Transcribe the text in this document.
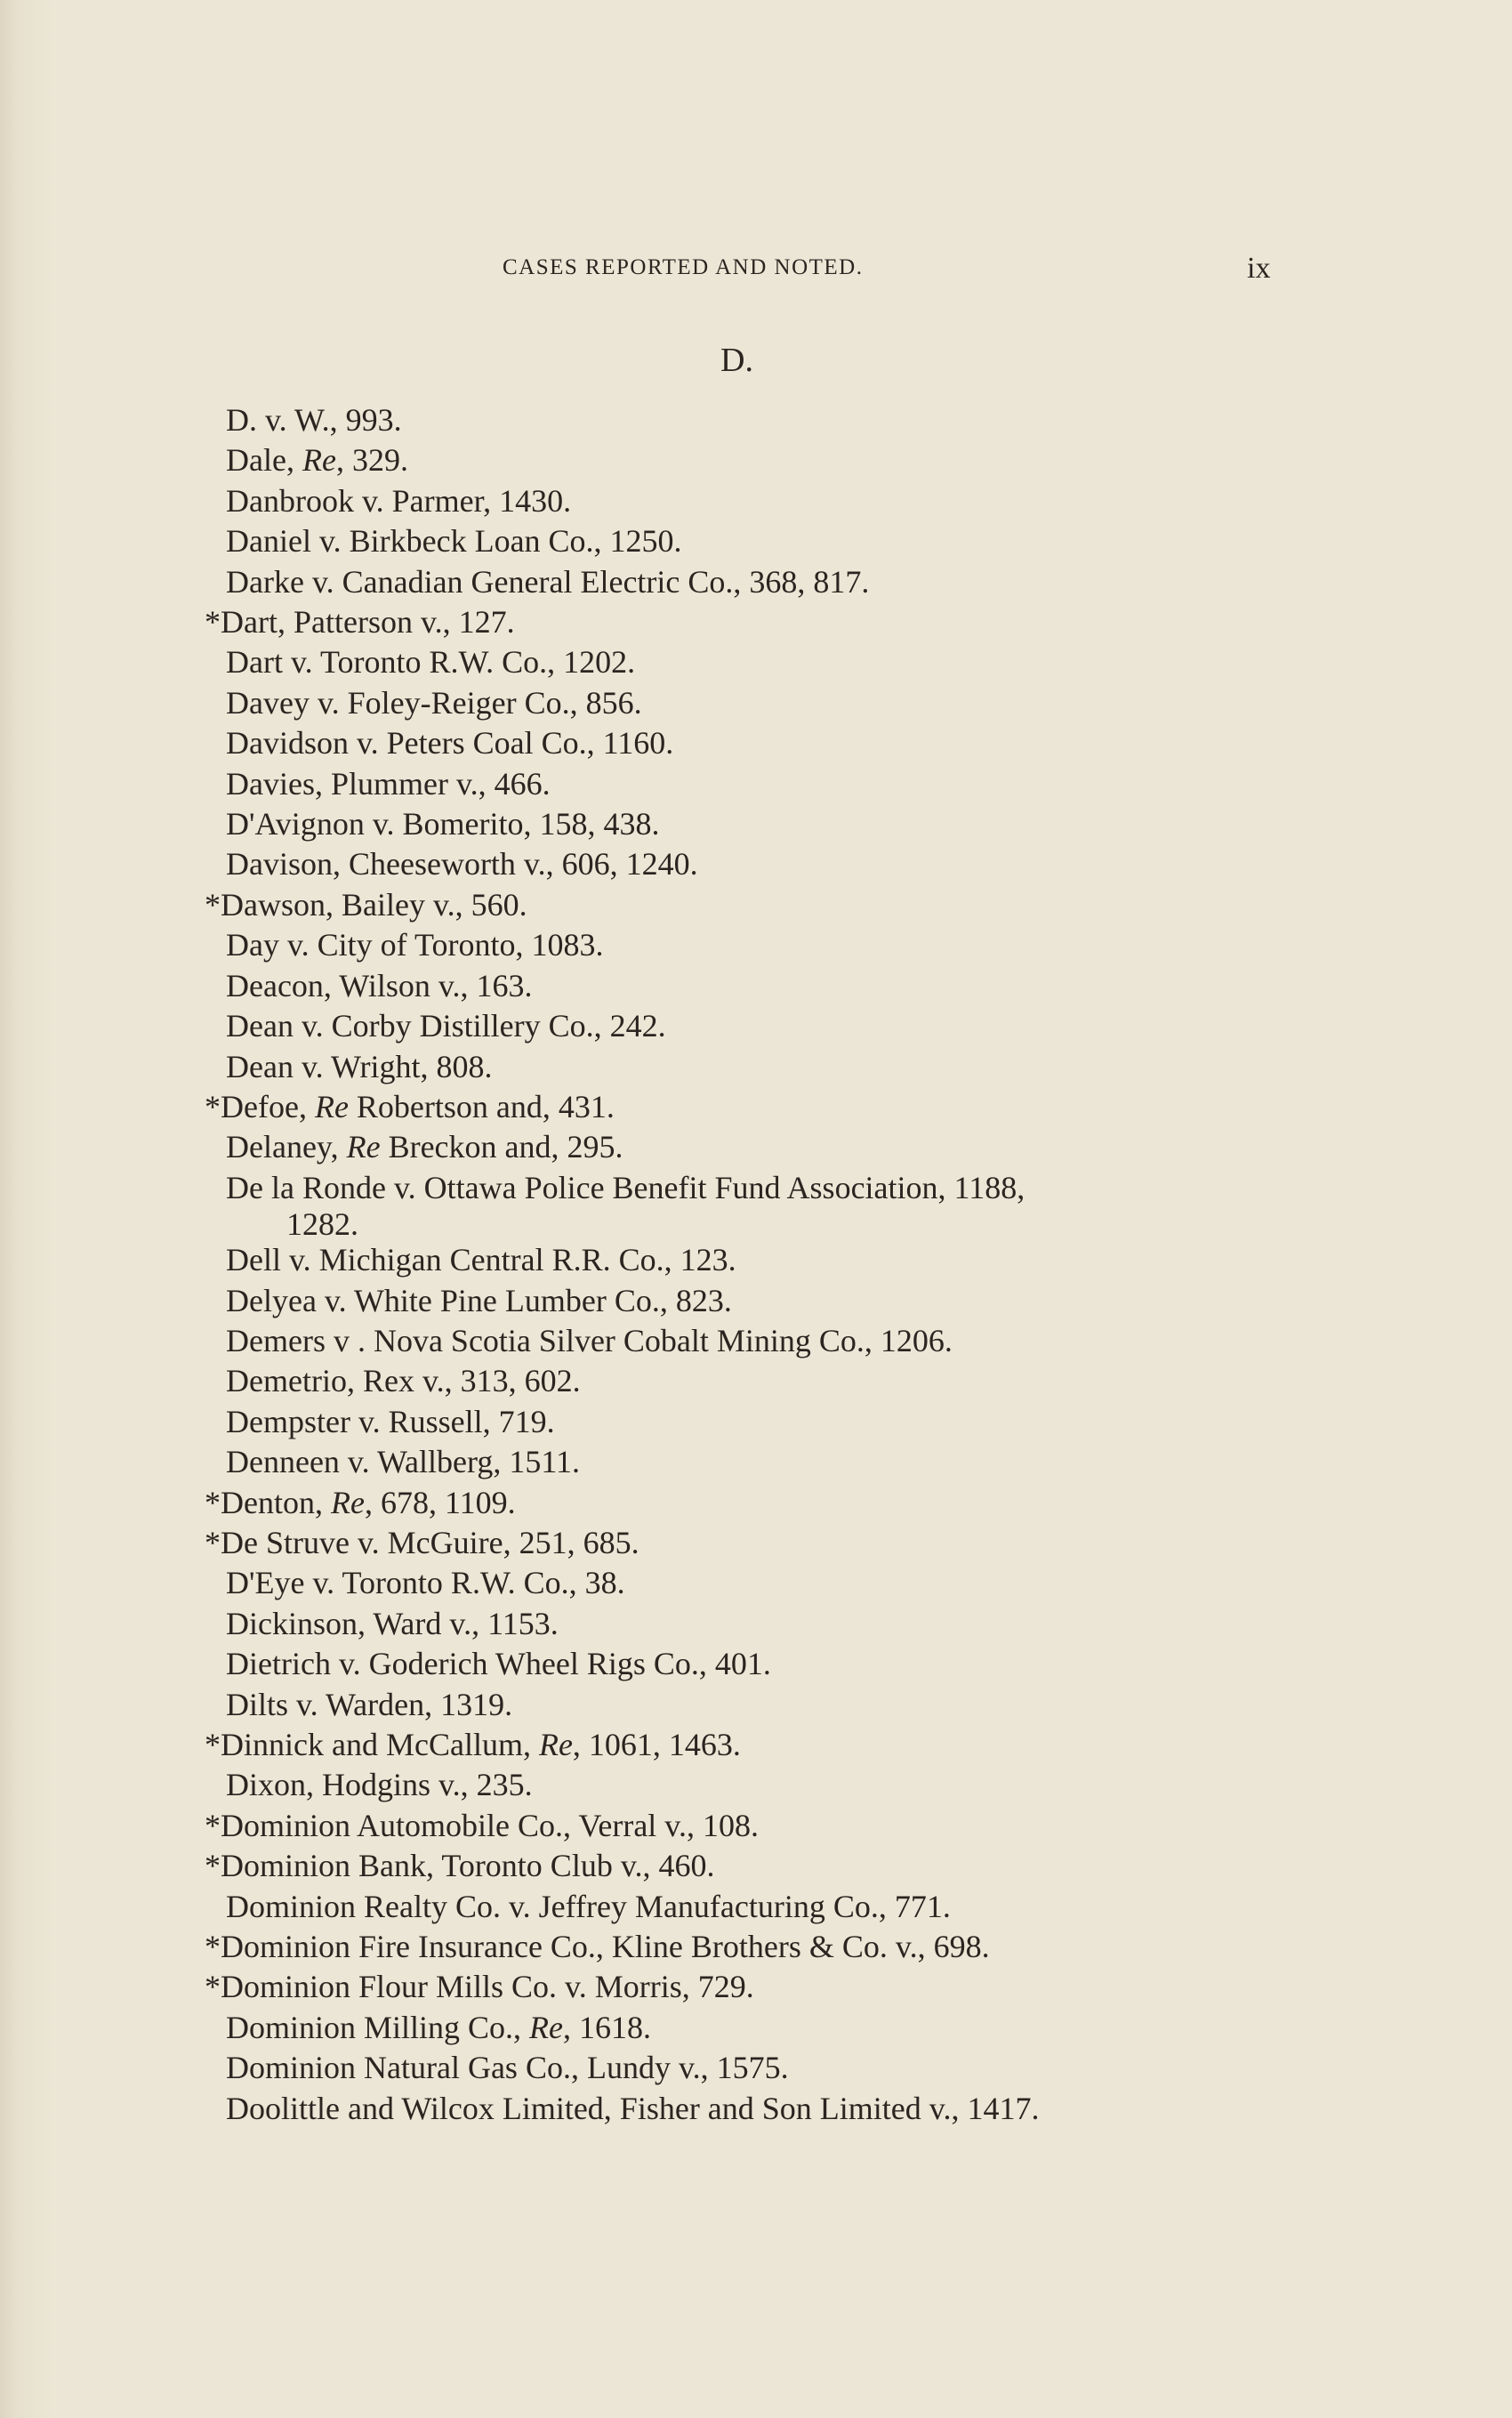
CASES REPORTED AND NOTED.	ix
D.
D. v. W., 993.
Dale, Re, 329.
Danbrook v. Parmer, 1430.
Daniel v. Birkbeck Loan Co., 1250.
Darke v. Canadian General Electric Co., 368, 817.
*Dart, Patterson v., 127.
Dart v. Toronto R.W. Co., 1202.
Davey v. Foley-Reiger Co., 856.
Davidson v. Peters Coal Co., 1160.
Davies, Plummer v., 466.
D'Avignon v. Bomerito, 158, 438.
Davison, Cheeseworth v., 606, 1240.
*Dawson, Bailey v., 560.
Day v. City of Toronto, 1083.
Deacon, Wilson v., 163.
Dean v. Corby Distillery Co., 242.
Dean v. Wright, 808.
*Defoe, Re Robertson and, 431.
Delaney, Re Breckon and, 295.
De la Ronde v. Ottawa Police Benefit Fund Association, 1188,
1282.
Dell v. Michigan Central R.R. Co., 123.
Delyea v. White Pine Lumber Co., 823.
Demers v . Nova Scotia Silver Cobalt Mining Co., 1206.
Demetrio, Rex v., 313, 602.
Dempster v. Russell, 719.
Denneen v. Wallberg, 1511.
*Denton, Re, 678, 1109.
*De Struve v. McGuire, 251, 685.
D'Eye v. Toronto R.W. Co., 38.
Dickinson, Ward v., 1153.
Dietrich v. Goderich Wheel Rigs Co., 401.
Dilts v. Warden, 1319.
*Dinnick and McCallum, Re, 1061, 1463.
Dixon, Hodgins v., 235.
*Dominion Automobile Co., Verral v., 108.
*Dominion Bank, Toronto Club v., 460.
Dominion Realty Co. v. Jeffrey Manufacturing Co., 771.
*Dominion Fire Insurance Co., Kline Brothers & Co. v., 698.
*Dominion Flour Mills Co. v. Morris, 729.
Dominion Milling Co., Re, 1618.
Dominion Natural Gas Co., Lundy v., 1575.
Doolittle and Wilcox Limited, Fisher and Son Limited v., 1417.
